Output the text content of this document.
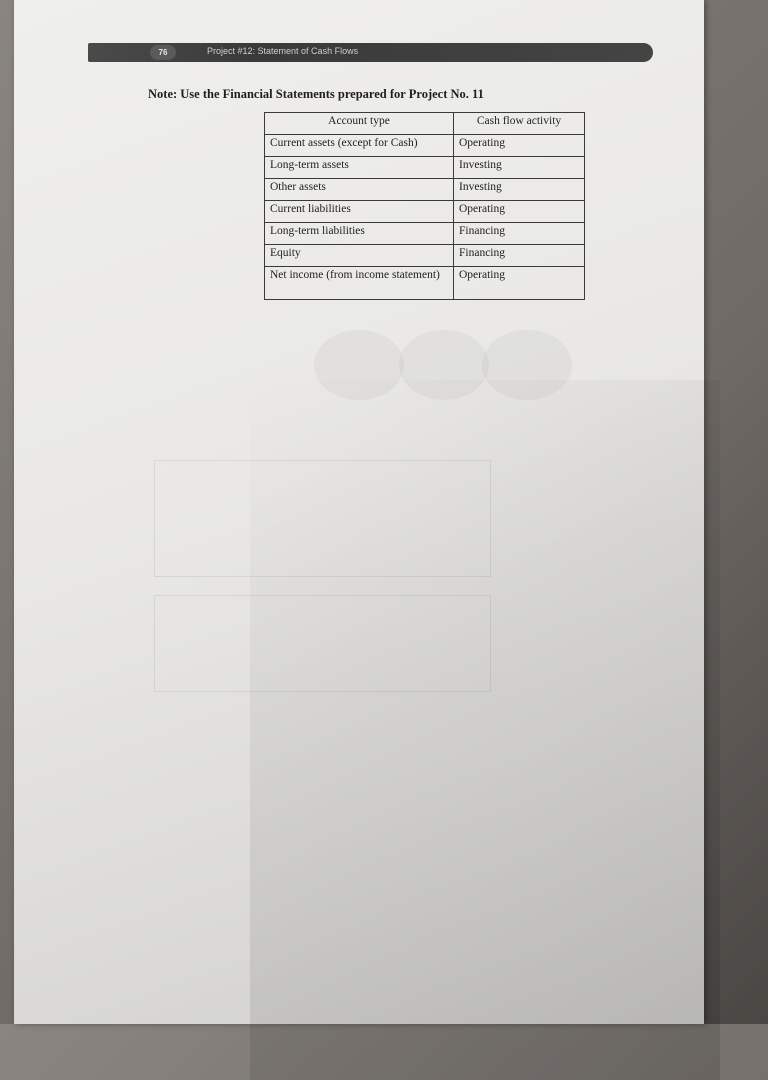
76	Project #12: Statement of Cash Flows
Note: Use the Financial Statements prepared for Project No. 11
Account type	Cash flow activity
Current assets (except for Cash)	Operating
Long-term assets	Investing
Other assets	Investing
Current liabilities	Operating
Long-term liabilities	Financing
Equity	Financing
Net income (from income statement)	Operating
